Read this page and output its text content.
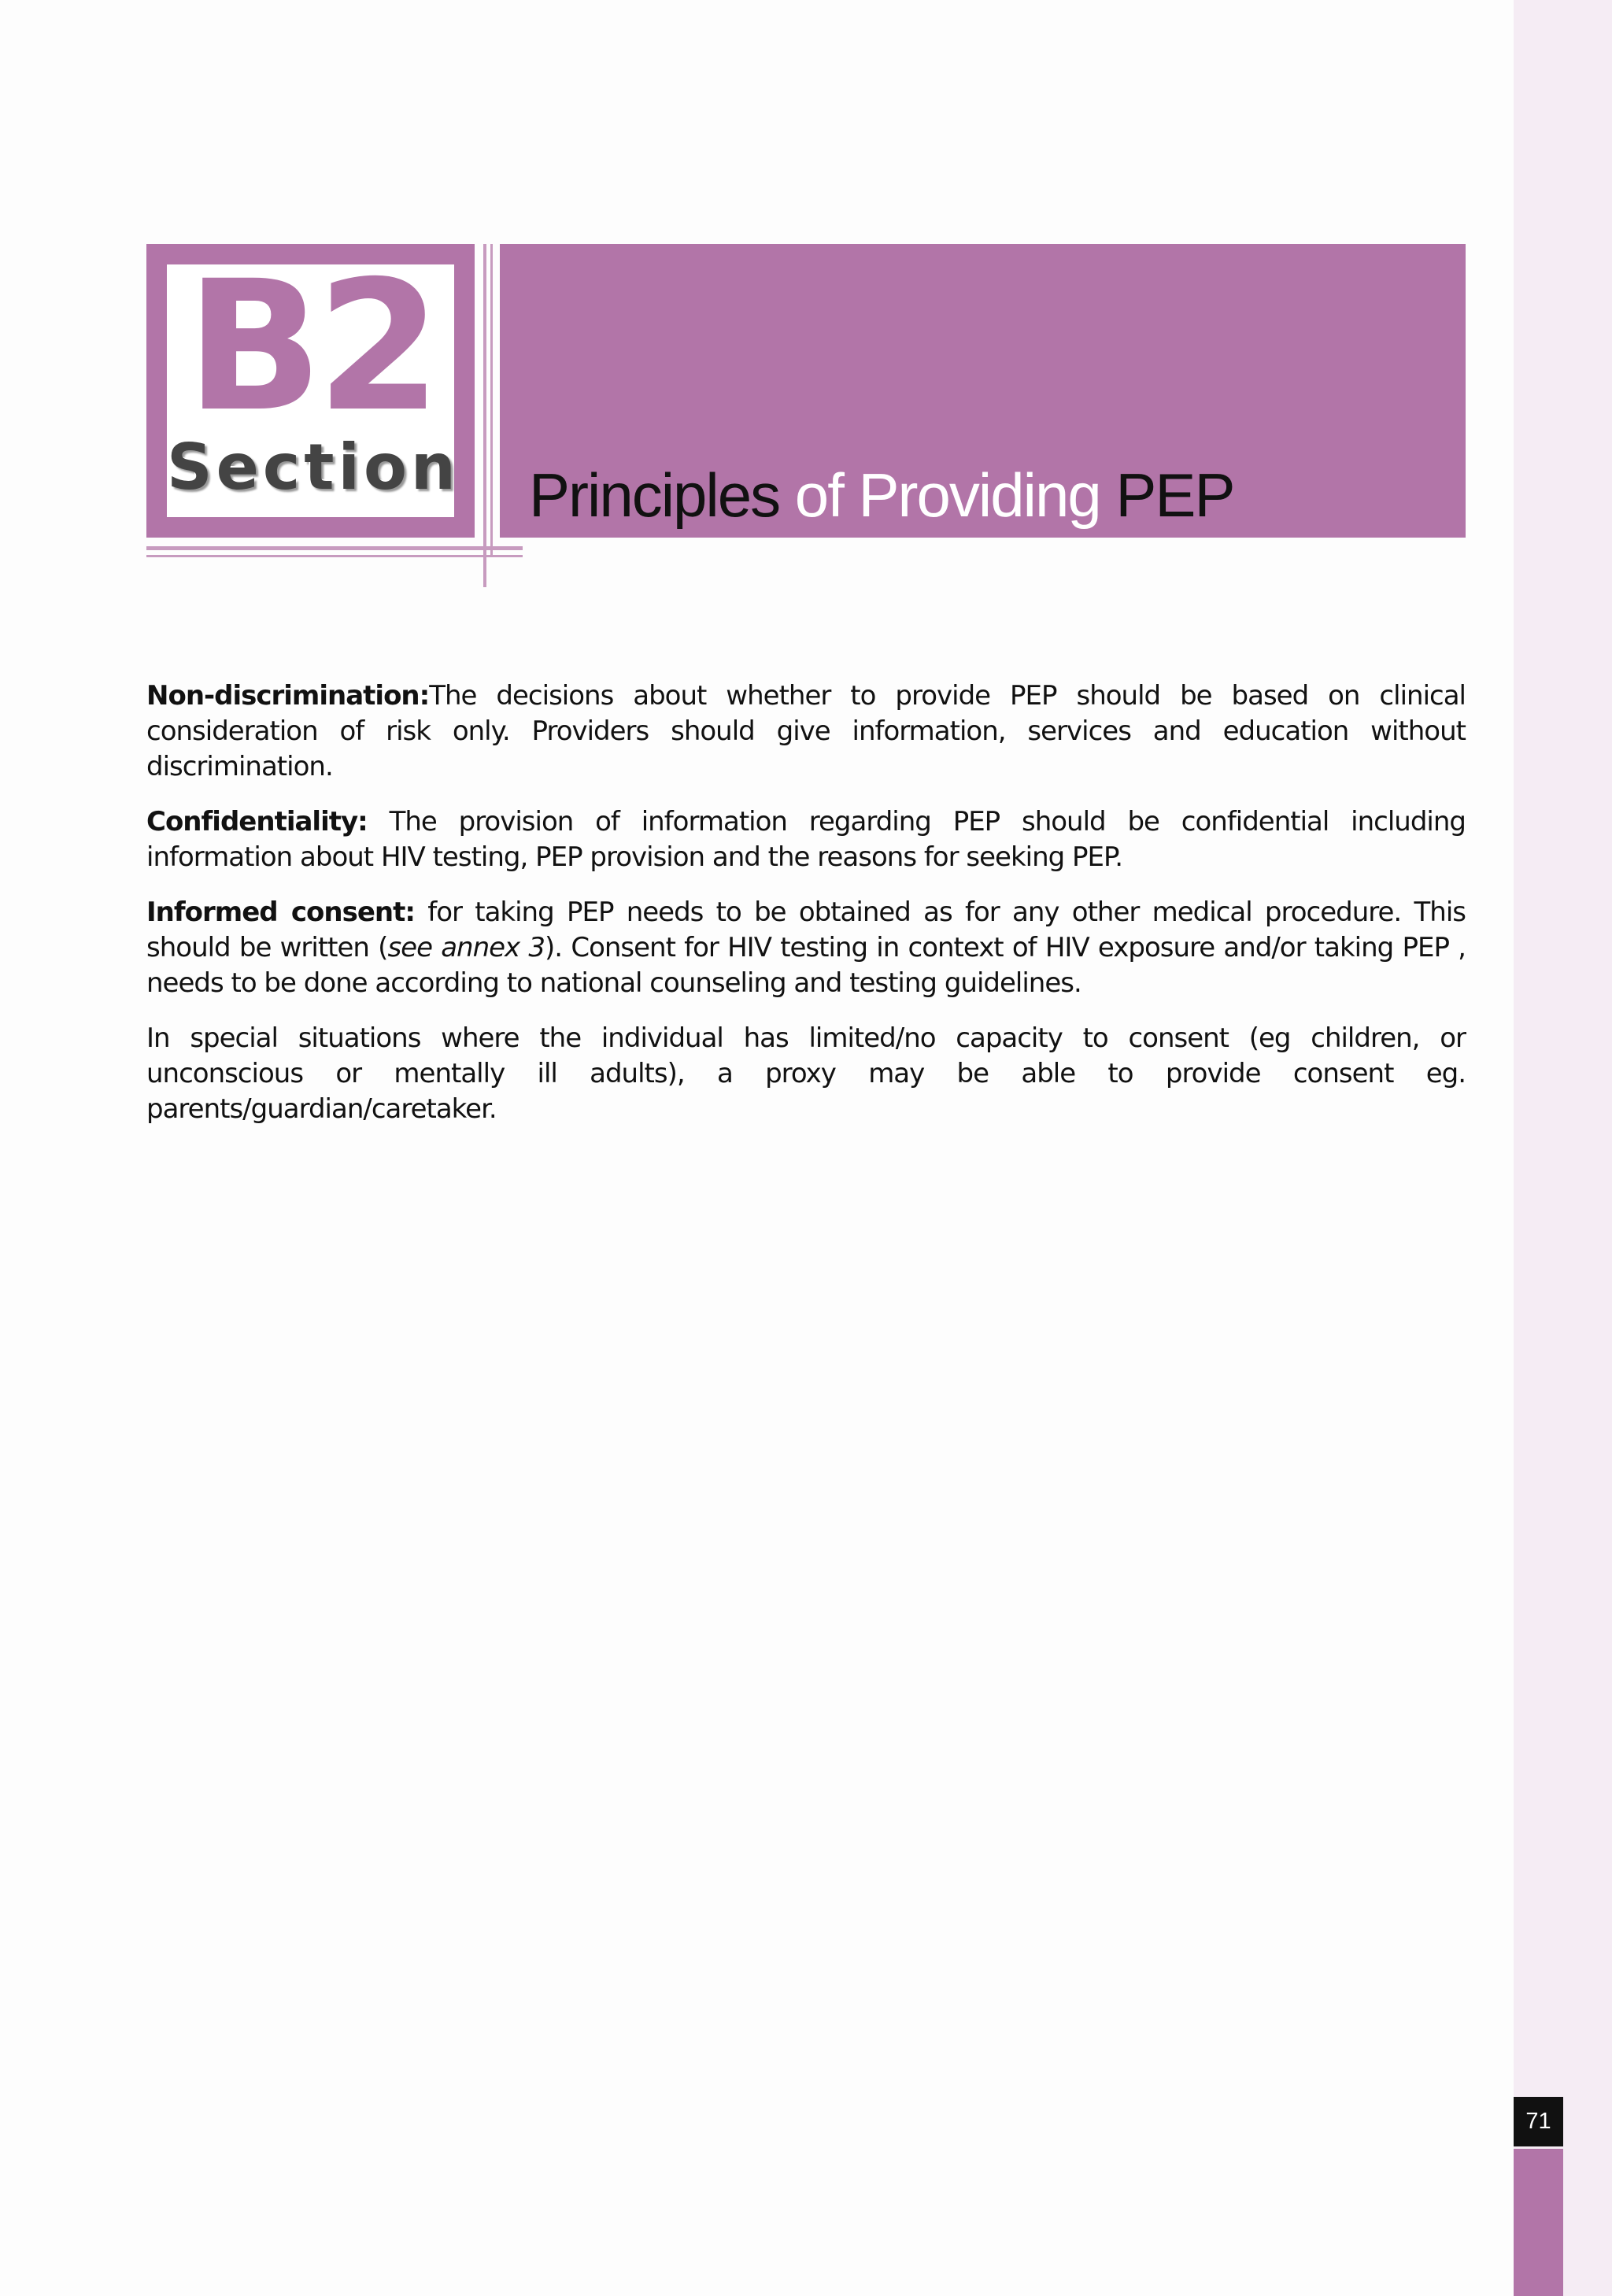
71
B2
Section Principles of Providing PEP

Non-discrimination:The decisions about whether to provide PEP should be based on clinical consideration of risk only. Providers should give information, services and education without discrimination.

Confidentiality: The provision of information regarding PEP should be confidential including information about HIV testing, PEP provision and the reasons for seeking PEP.

Informed consent: for taking PEP needs to be obtained as for any other medical procedure. This should be written (see annex 3). Consent for HIV testing in context of HIV exposure and/or taking PEP , needs to be done according to national counseling and testing guidelines.

In special situations where the individual has limited/no capacity to consent (eg children, or unconscious or mentally ill adults), a proxy may be able to provide consent eg. parents/guardian/caretaker.
